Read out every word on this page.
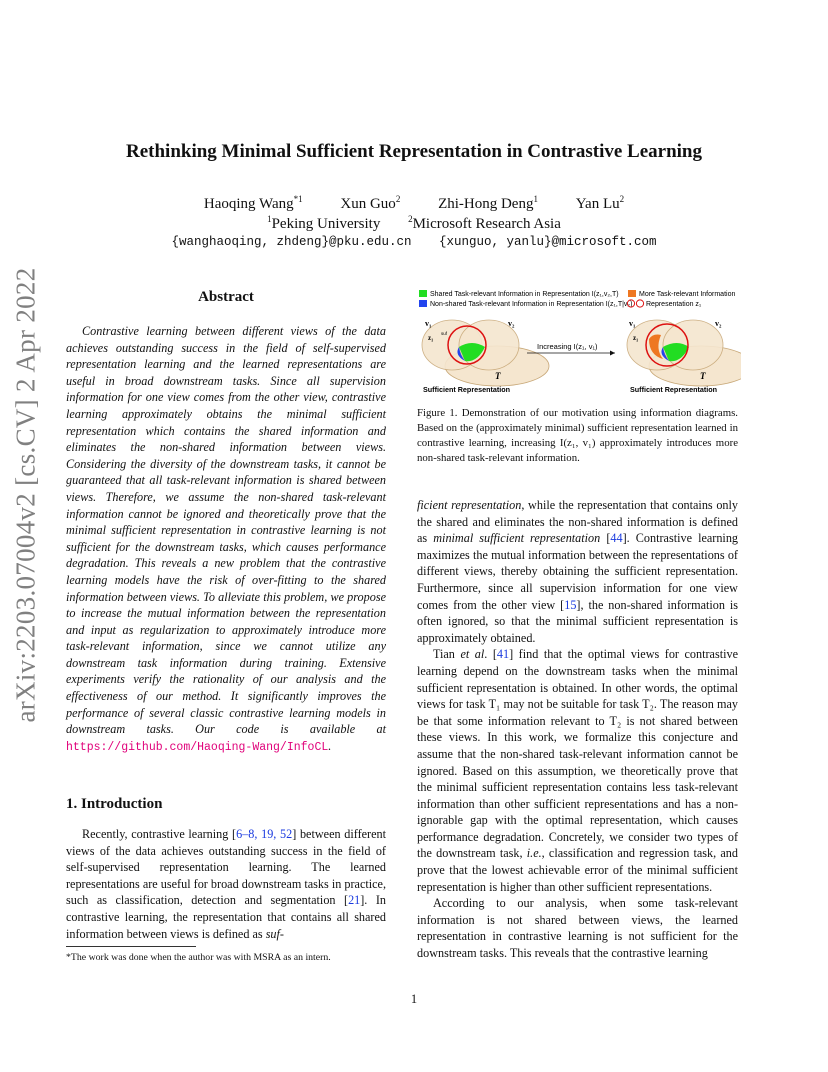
arXiv:2203.07004v2 [cs.CV] 2 Apr 2022
Rethinking Minimal Sufficient Representation in Contrastive Learning
Haoqing Wang$^{*1}$	Xun Guo$^2$	Zhi-Hong Deng$^1$	Yan Lu$^2$
$^1$Peking University	$^2$Microsoft Research Asia
{wanghaoqing, zhdeng}@pku.edu.cn {xunguo, yanlu}@microsoft.com
Abstract
Contrastive learning between different views of the data achieves outstanding success in the field of self-supervised representation learning and the learned representations are useful in broad downstream tasks. Since all supervision information for one view comes from the other view, contrastive learning approximately obtains the minimal sufficient representation which contains the shared information and eliminates the non-shared information between views. Considering the diversity of the downstream tasks, it cannot be guaranteed that all task-relevant information is shared between views. Therefore, we assume the non-shared task-relevant information cannot be ignored and theoretically prove that the minimal sufficient representation in contrastive learning is not sufficient for the downstream tasks, which causes performance degradation. This reveals a new problem that the contrastive learning models have the risk of over-fitting to the shared information between views. To alleviate this problem, we propose to increase the mutual information between the representation and input as regularization to approximately introduce more task-relevant information, since we cannot utilize any downstream task information during training. Extensive experiments verify the rationality of our analysis and the effectiveness of our method. It significantly improves the performance of several classic contrastive learning models in downstream tasks. Our code is available at https://github.com/Haoqing-Wang/InfoCL.
1. Introduction

Recently, contrastive learning [6–8, 19, 52] between different views of the data achieves outstanding success in the field of self-supervised representation learning. The learned representations are useful for broad downstream tasks in practice, such as classification, detection and segmentation [21]. In contrastive learning, the representation that contains all shared information between views is defined as suf-

*The work was done when the author was with MSRA as an intern.
Shared Task-relevant Information in Representation I(z₁,v₂,T)	More Task-relevant Information
Non-shared Task-relevant Information in Representation I(z₁,T|v₂) Representation z₁
v₁	v₂
z₁
suf
T
Sufficient Representation
Increasing I(z₁, v₁)
v₁	v₂
z₁
T
Sufficient Representation
Figure 1. Demonstration of our motivation using information diagrams. Based on the (approximately minimal) sufficient representation learned in contrastive learning, increasing I(z₁, v₁) approximately introduces more non-shared task-relevant information.

ficient representation, while the representation that contains only the shared and eliminates the non-shared information is defined as minimal sufficient representation [44]. Contrastive learning maximizes the mutual information between the representations of different views, thereby obtaining the sufficient representation. Furthermore, since all supervision information for one view comes from the other view [15], the non-shared information is often ignored, so that the minimal sufficient representation is approximately obtained.

Tian et al. [41] find that the optimal views for contrastive learning depend on the downstream tasks when the minimal sufficient representation is obtained. In other words, the optimal views for task T₁ may not be suitable for task T₂. The reason may be that some information relevant to T₂ is not shared between these views. In this work, we formalize this conjecture and assume that the non-shared task-relevant information cannot be ignored. Based on this assumption, we theoretically prove that the minimal sufficient representation contains less task-relevant information than other sufficient representations and has a non-ignorable gap with the optimal representation, which causes performance degradation. Concretely, we consider two types of the downstream task, i.e., classification and regression task, and prove that the lowest achievable error of the minimal sufficient representation is higher than other sufficient representations.

According to our analysis, when some task-relevant information is not shared between views, the learned representation in contrastive learning is not sufficient for the downstream tasks. This reveals that the contrastive learning

1
